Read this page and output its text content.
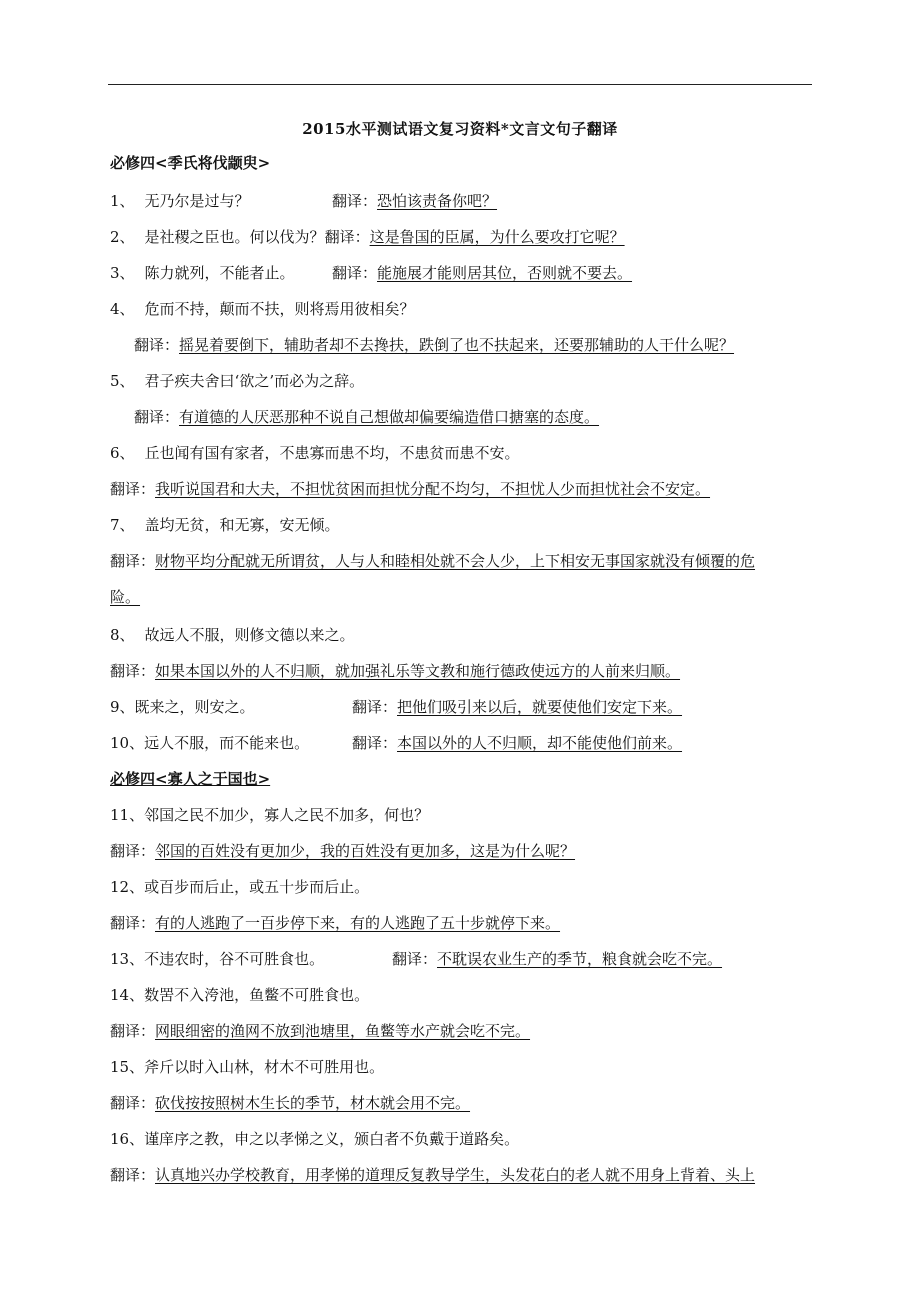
2015水平测试语文复习资料*文言文句子翻译
必修四<季氏将伐颛臾>
1、 无乃尔是过与？	翻译：恐怕该责备你吧？
2、 是社稷之臣也。何以伐为？翻译：这是鲁国的臣属，为什么要攻打它呢？
3、 陈力就列，不能者止。 翻译：能施展才能则居其位，否则就不要去。
4、 危而不持，颠而不扶，则将焉用彼相矣？
翻译：摇晃着要倒下，辅助者却不去搀扶，跌倒了也不扶起来，还要那辅助的人干什么呢？
5、 君子疾夫舍曰‘欲之’而必为之辞。
翻译：有道德的人厌恶那种不说自己想做却偏要编造借口搪塞的态度。
6、 丘也闻有国有家者，不患寡而患不均，不患贫而患不安。
翻译：我听说国君和大夫，不担忧贫困而担忧分配不均匀，不担忧人少而担忧社会不安定。
7、 盖均无贫，和无寡，安无倾。
翻译：财物平均分配就无所谓贫，人与人和睦相处就不会人少，上下相安无事国家就没有倾覆的危
险。
8、 故远人不服，则修文德以来之。
翻译：如果本国以外的人不归顺，就加强礼乐等文教和施行德政使远方的人前来归顺。
9、既来之，则安之。	翻译：把他们吸引来以后，就要使他们安定下来。
10、远人不服，而不能来也。	翻译：本国以外的人不归顺，却不能使他们前来。
必修四<寡人之于国也>
11、邻国之民不加少，寡人之民不加多，何也？
翻译：邻国的百姓没有更加少，我的百姓没有更加多，这是为什么呢？
12、或百步而后止，或五十步而后止。
翻译：有的人逃跑了一百步停下来，有的人逃跑了五十步就停下来。
13、不违农时，谷不可胜食也。	翻译：不耽误农业生产的季节，粮食就会吃不完。
14、数罟不入洿池，鱼鳖不可胜食也。
翻译：网眼细密的渔网不放到池塘里，鱼鳖等水产就会吃不完。
15、斧斤以时入山林，材木不可胜用也。
翻译：砍伐按按照树木生长的季节，材木就会用不完。
16、谨庠序之教，申之以孝悌之义，颁白者不负戴于道路矣。
翻译：认真地兴办学校教育，用孝悌的道理反复教导学生，头发花白的老人就不用身上背着、头上
